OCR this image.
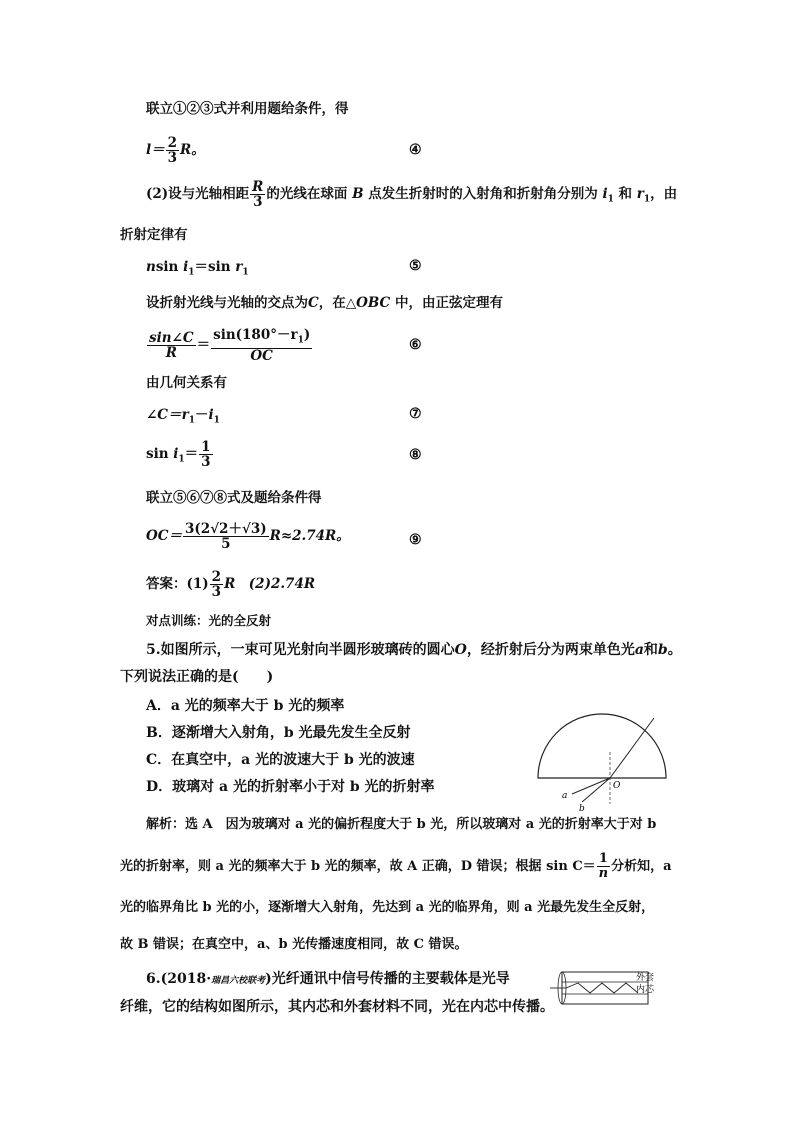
联立①②③式并利用题给条件，得
$l= \frac{2}{3}$ R。	④
(2)设与光轴相距 $\frac{R}{3}$ 的光线在球面 B 点发生折射时的入射角和折射角分别为 $i_1$ 和 $r_1$，由
折射定律有
nsin $i_1=\sin$ $r_1$	⑤
设折射光线与光轴的交点为C，在△OBC 中，由正弦定理有
$\frac{\sin\angle C}{R} = \frac{\sin(180^\circ-r_1)}{OC}$	⑥
由几何关系有
$\angle C=r_1-i_1$	⑦
$\sin i_1= \frac{1}{3}$	⑧
联立⑤⑥⑦⑧式及题给条件得
$OC= \frac{3(2√2+√3)}{5} R\approx 2.74R$。	⑨
答案：$(1) \frac{2}{3}$ R　(2)2.74R
对点训练：光的全反射
5.如图所示，一束可见光射向半圆形玻璃砖的圆心O，经折射后分为两束单色光a和b。
下列说法正确的是(　　)
A．a 光的频率大于 b 光的频率
B．逐渐增大入射角，b 光最先发生全反射
C．在真空中，a 光的波速大于 b 光的波速
D．玻璃对 a 光的折射率小于对 b 光的折射率	O
a
b
解析：选 A　因为玻璃对 a 光的偏折程度大于 b 光，所以玻璃对 a 光的折射率大于对 b
光的折射率，则 a 光的频率大于 b 光的频率，故 A 正确，D 错误；根据 $\sin C= \frac{1}{n}$ 分析知，a
光的临界角比 b 光的小，逐渐增大入射角，先达到 a 光的临界角，则 a 光最先发生全反射，
故 B 错误；在真空中，a、b 光传播速度相同，故 C 错误。
6.(2018·瑞昌六校联考)光纤通讯中信号传播的主要载体是光导
纤维，它的结构如图所示，其内芯和外套材料不同，光在内芯中传播。
外套
内芯
